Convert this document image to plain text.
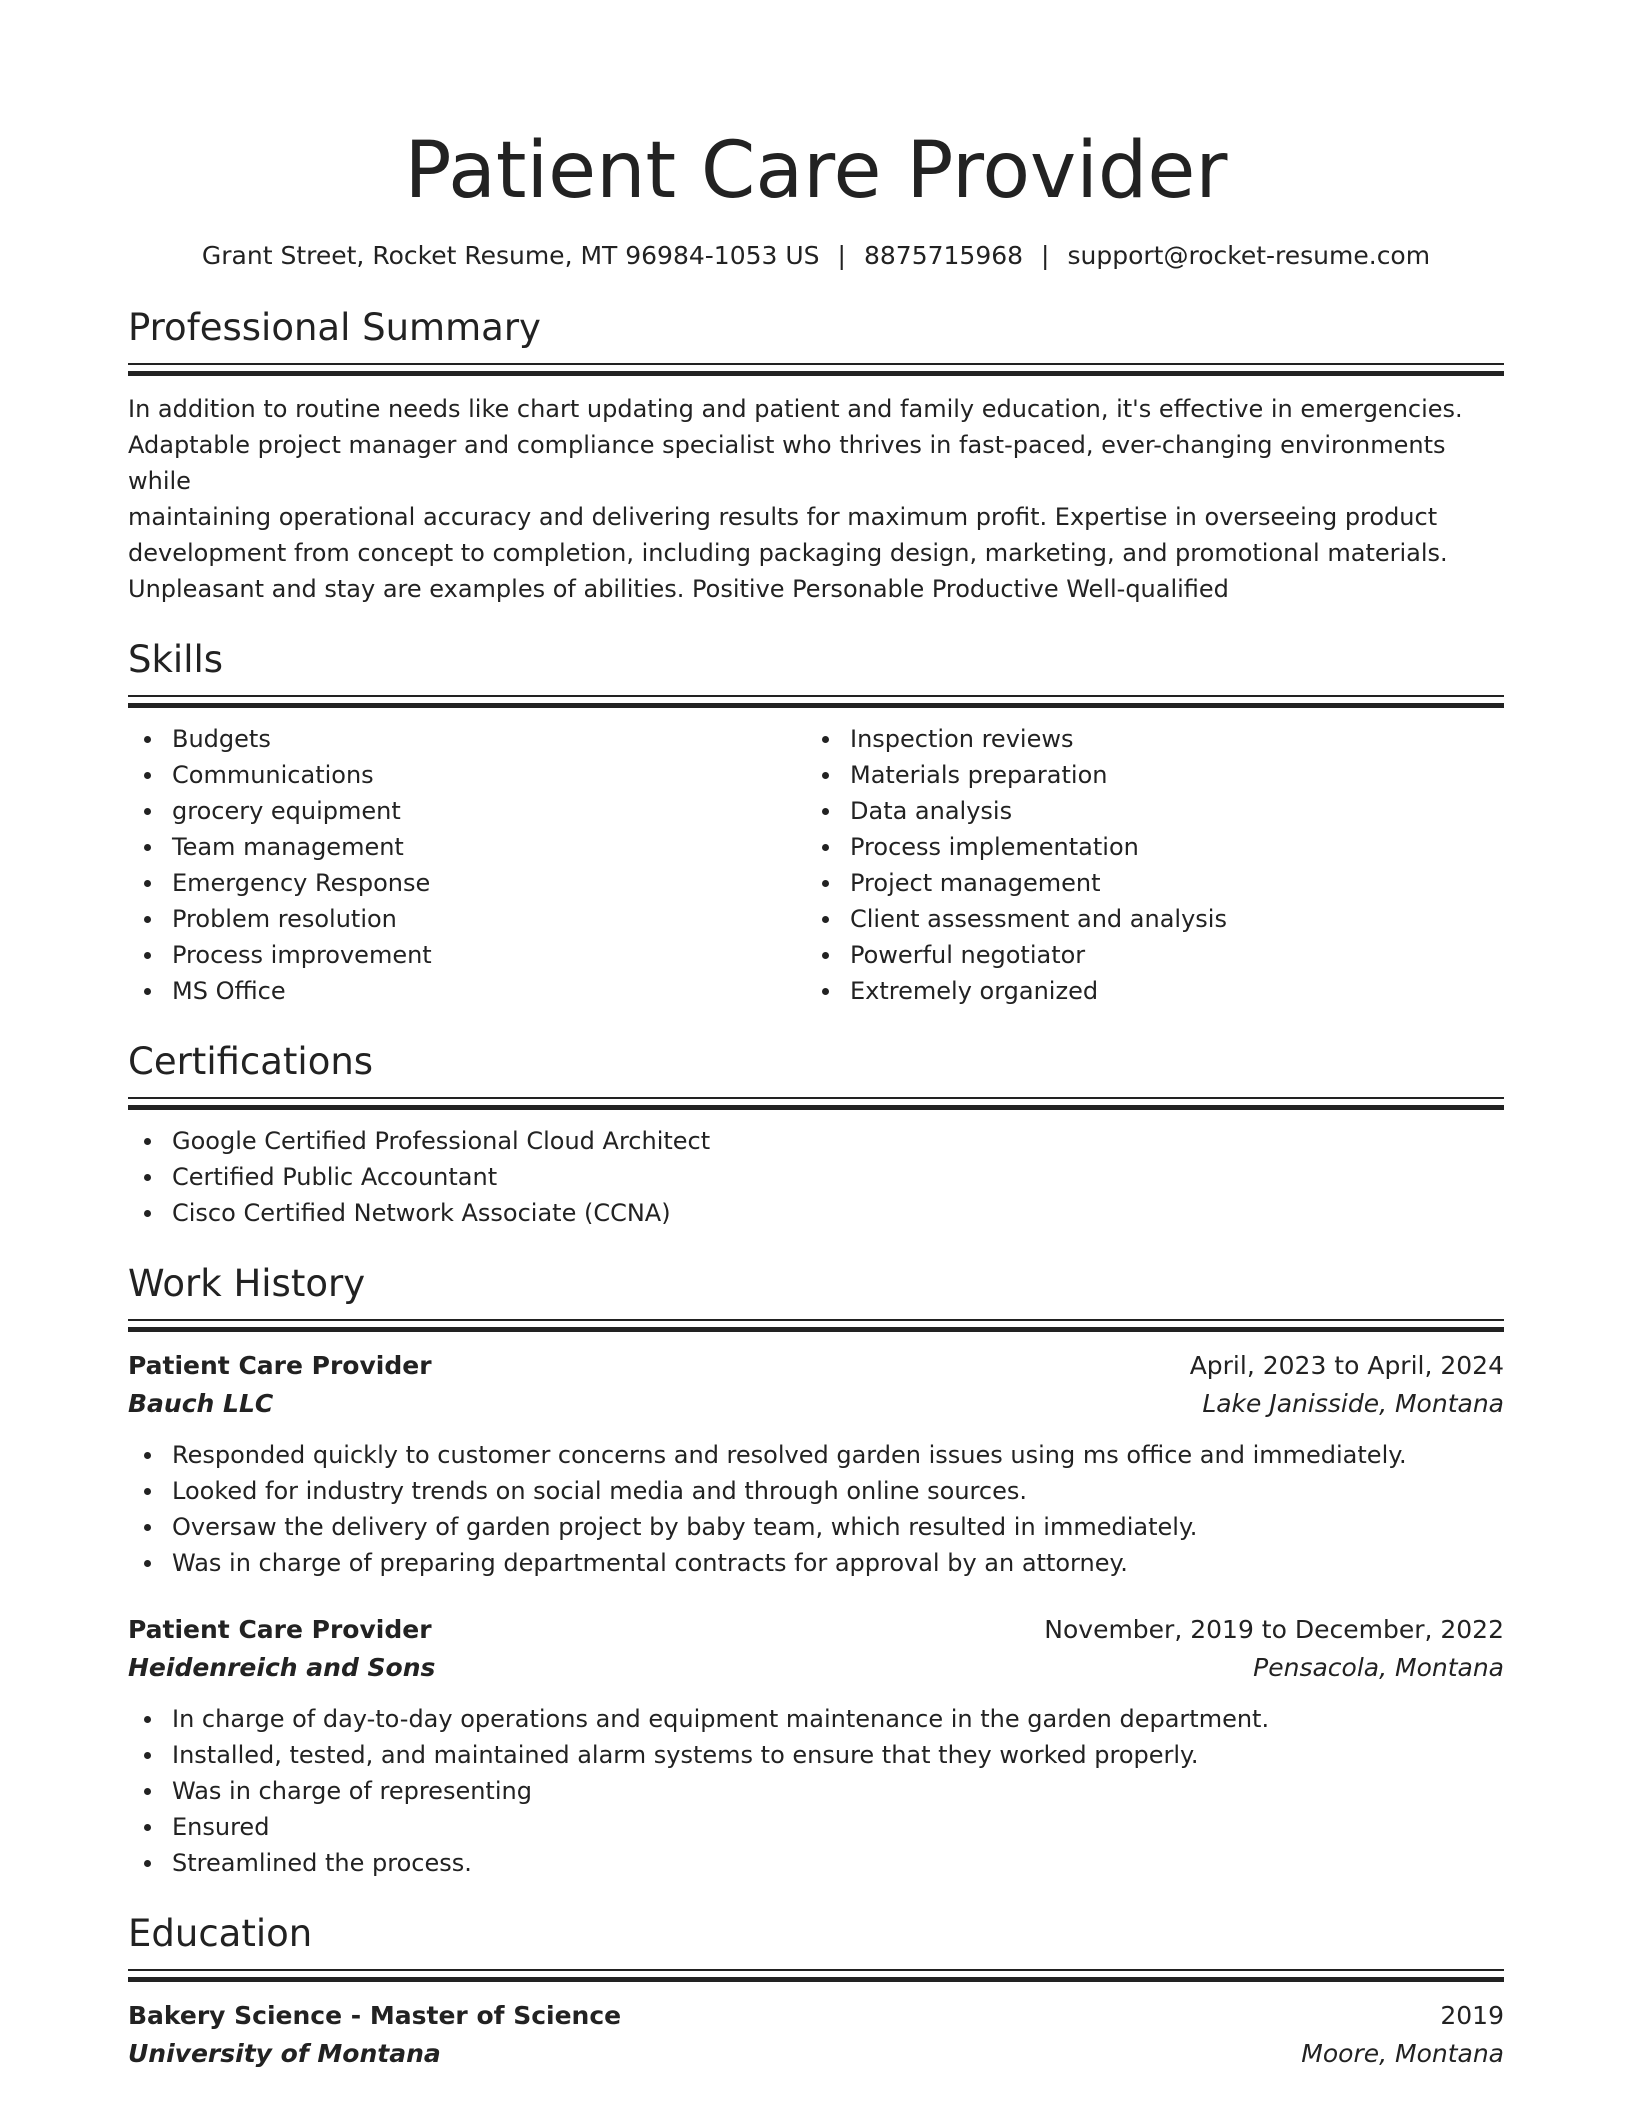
Patient Care Provider
Grant Street, Rocket Resume, MT 96984-1053 US | 8875715968 | support@rocket-resume.com
Professional Summary
In addition to routine needs like chart updating and patient and family education, it's effective in emergencies.
Adaptable project manager and compliance specialist who thrives in fast-paced, ever-changing environments while
maintaining operational accuracy and delivering results for maximum profit. Expertise in overseeing product
development from concept to completion, including packaging design, marketing, and promotional materials.
Unpleasant and stay are examples of abilities. Positive Personable Productive Well-qualified
Skills
Budgets
Communications
grocery equipment
Team management
Emergency Response
Problem resolution
Process improvement
MS Office
Inspection reviews
Materials preparation
Data analysis
Process implementation
Project management
Client assessment and analysis
Powerful negotiator
Extremely organized
Certifications
Google Certified Professional Cloud Architect
Certified Public Accountant
Cisco Certified Network Associate (CCNA)
Work History
Patient Care Provider	April, 2023 to April, 2024
Bauch LLC	Lake Janisside, Montana
Responded quickly to customer concerns and resolved garden issues using ms office and immediately.
Looked for industry trends on social media and through online sources.
Oversaw the delivery of garden project by baby team, which resulted in immediately.
Was in charge of preparing departmental contracts for approval by an attorney.
Patient Care Provider	November, 2019 to December, 2022
Heidenreich and Sons	Pensacola, Montana
In charge of day-to-day operations and equipment maintenance in the garden department.
Installed, tested, and maintained alarm systems to ensure that they worked properly.
Was in charge of representing
Ensured
Streamlined the process.
Education
Bakery Science - Master of Science	2019
University of Montana	Moore, Montana
